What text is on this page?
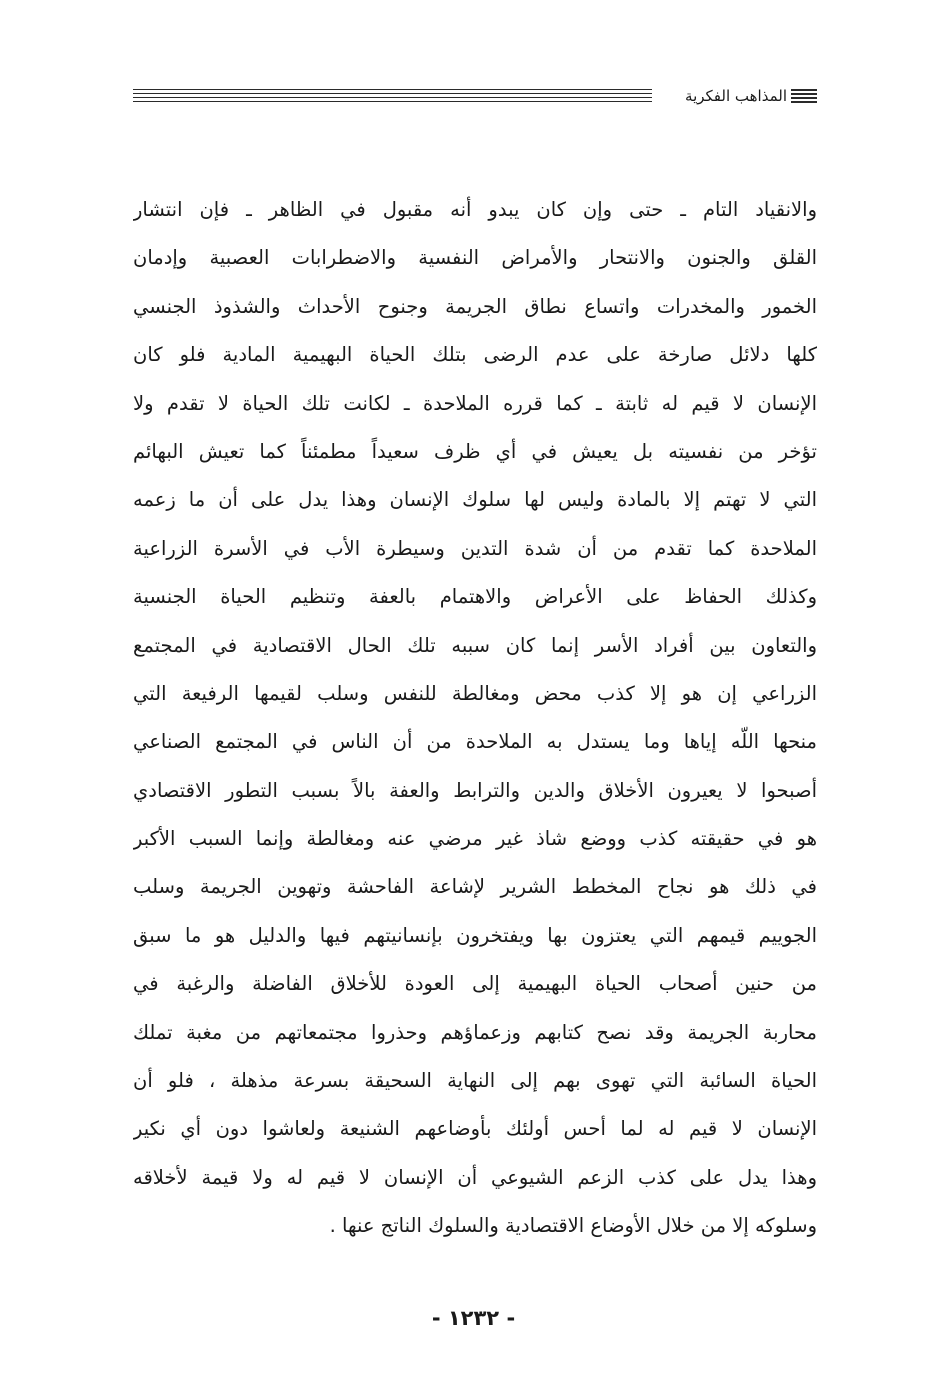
المذاهب الفكرية
والانقياد التام ـ حتى وإن كان يبدو أنه مقبول في الظاهر ـ فإن انتشار
القلق والجنون والانتحار والأمراض النفسية والاضطرابات العصبية وإدمان
الخمور والمخدرات واتساع نطاق الجريمة وجنوح الأحداث والشذوذ الجنسي
كلها دلائل صارخة على عدم الرضى بتلك الحياة البهيمية المادية فلو كان
الإنسان لا قيم له ثابتة ـ كما قرره الملاحدة ـ لكانت تلك الحياة لا تقدم ولا
تؤخر من نفسيته بل يعيش في أي ظرف سعيداً مطمئناً كما تعيش البهائم
التي لا تهتم إلا بالمادة وليس لها سلوك الإنسان وهذا يدل على أن ما زعمه
الملاحدة كما تقدم من أن شدة التدين وسيطرة الأب في الأسرة الزراعية
وكذلك الحفاظ على الأعراض والاهتمام بالعفة وتنظيم الحياة الجنسية
والتعاون بين أفراد الأسر إنما كان سببه تلك الحال الاقتصادية في المجتمع
الزراعي إن هو إلا كذب محض ومغالطة للنفس وسلب لقيمها الرفيعة التي
منحها اللّه إياها وما يستدل به الملاحدة من أن الناس في المجتمع الصناعي
أصبحوا لا يعيرون الأخلاق والدين والترابط والعفة بالاً بسبب التطور الاقتصادي
هو في حقيقته كذب ووضع شاذ غير مرضي عنه ومغالطة وإنما السبب الأكبر
في ذلك هو نجاح المخطط الشرير لإشاعة الفاحشة وتهوين الجريمة وسلب
الجوييم قيمهم التي يعتزون بها ويفتخرون بإنسانيتهم فيها والدليل هو ما سبق
من حنين أصحاب الحياة البهيمية إلى العودة للأخلاق الفاضلة والرغبة في
محاربة الجريمة وقد نصح كتابهم وزعماؤهم وحذروا مجتمعاتهم من مغبة تملك
الحياة السائبة التي تهوى بهم إلى النهاية السحيقة بسرعة مذهلة ، فلو أن
الإنسان لا قيم له لما أحس أولئك بأوضاعهم الشنيعة ولعاشوا دون أي نكير
وهذا يدل على كذب الزعم الشيوعي أن الإنسان لا قيم له ولا قيمة لأخلاقه
وسلوكه إلا من خلال الأوضاع الاقتصادية والسلوك الناتج عنها .
- ١٢٣٢ -
